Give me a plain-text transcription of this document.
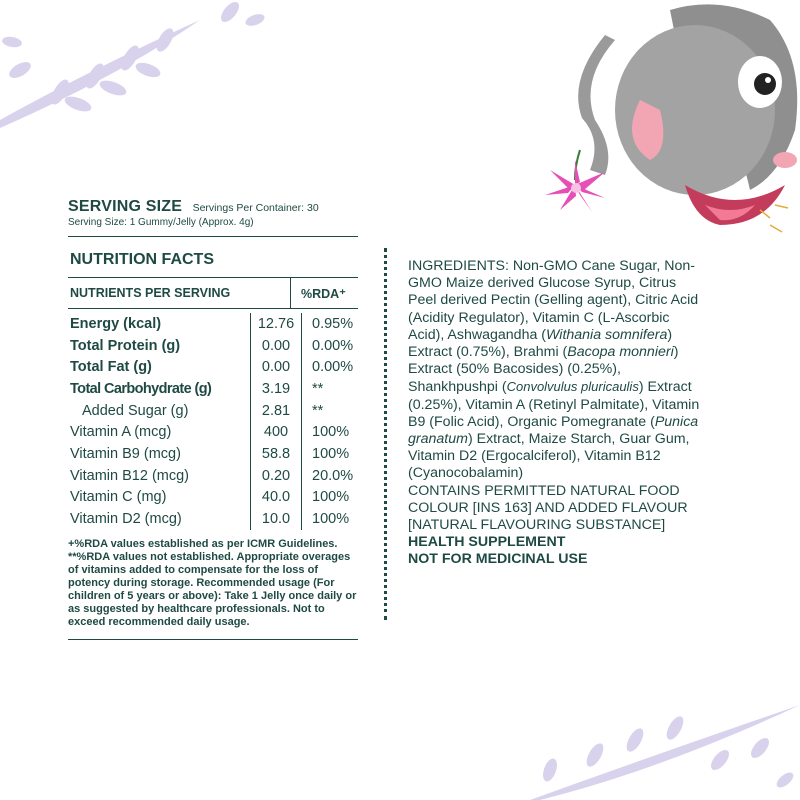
SERVING SIZE Servings Per Container: 30
Serving Size: 1 Gummy/Jelly (Approx. 4g)
NUTRITION FACTS
NUTRIENTS PER SERVING	%RDA⁺
Energy (kcal)	12.76	0.95%
Total Protein (g)	0.00	0.00%
Total Fat (g)	0.00	0.00%
Total Carbohydrate (g)	3.19	**
Added Sugar (g)	2.81	**
Vitamin A (mcg)	400	100%
Vitamin B9 (mcg)	58.8	100%
Vitamin B12 (mcg)	0.20	20.0%
Vitamin C (mg)	40.0	100%
Vitamin D2 (mcg)	10.0	100%
+%RDA values established as per ICMR Guidelines. **%RDA values not established. Appropriate overages of vitamins added to compensate for the loss of potency during storage. Recommended usage (For children of 5 years or above): Take 1 Jelly once daily or as suggested by healthcare professionals. Not to exceed recommended daily usage.

INGREDIENTS: Non-GMO Cane Sugar, Non-GMO Maize derived Glucose Syrup, Citrus Peel derived Pectin (Gelling agent), Citric Acid (Acidity Regulator), Vitamin C (L-Ascorbic Acid), Ashwagandha (Withania somnifera) Extract (0.75%), Brahmi (Bacopa monnieri) Extract (50% Bacosides) (0.25%), Shankhpushpi (Convolvulus pluricaulis) Extract (0.25%), Vitamin A (Retinyl Palmitate), Vitamin B9 (Folic Acid), Organic Pomegranate (Punica granatum) Extract, Maize Starch, Guar Gum, Vitamin D2 (Ergocalciferol), Vitamin B12 (Cyanocobalamin)

CONTAINS PERMITTED NATURAL FOOD COLOUR [INS 163] AND ADDED FLAVOUR [NATURAL FLAVOURING SUBSTANCE]

HEALTH SUPPLEMENT

NOT FOR MEDICINAL USE
